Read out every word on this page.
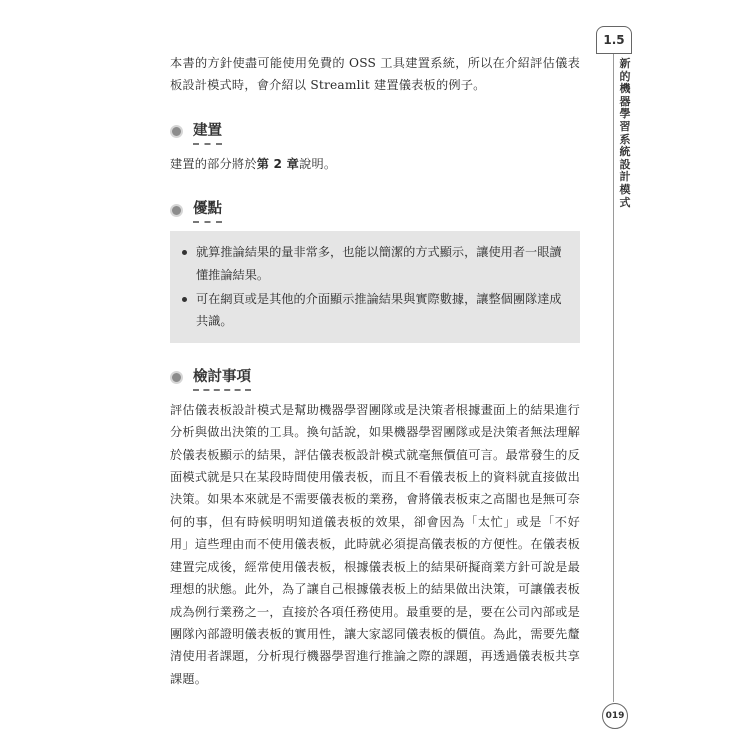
本書的方針使盡可能使用免費的 OSS 工具建置系統，所以在介紹評估儀表板設計模式時，會介紹以 Streamlit 建置儀表板的例子。

建置

建置的部分將於第 2 章說明。

優點
就算推論結果的量非常多，也能以簡潔的方式顯示，讓使用者一眼讀懂推論結果。
可在網頁或是其他的介面顯示推論結果與實際數據，讓整個團隊達成共識。
檢討事項

評估儀表板設計模式是幫助機器學習團隊或是決策者根據畫面上的結果進行分析與做出決策的工具。換句話說，如果機器學習團隊或是決策者無法理解於儀表板顯示的結果，評估儀表板設計模式就毫無價值可言。最常發生的反面模式就是只在某段時間使用儀表板，而且不看儀表板上的資料就直接做出決策。如果本來就是不需要儀表板的業務，會將儀表板束之高閣也是無可奈何的事，但有時候明明知道儀表板的效果，卻會因為「太忙」或是「不好用」這些理由而不使用儀表板，此時就必須提高儀表板的方便性。在儀表板建置完成後，經常使用儀表板，根據儀表板上的結果研擬商業方針可說是最理想的狀態。此外，為了讓自己根據儀表板上的結果做出決策，可讓儀表板成為例行業務之一，直接於各項任務使用。最重要的是，要在公司內部或是團隊內部證明儀表板的實用性，讓大家認同儀表板的價值。為此，需要先釐清使用者課題，分析現行機器學習進行推論之際的課題，再透過儀表板共享課題。

1.5
新
的
機
器
學
習
系
統
設
計
模
式
019
